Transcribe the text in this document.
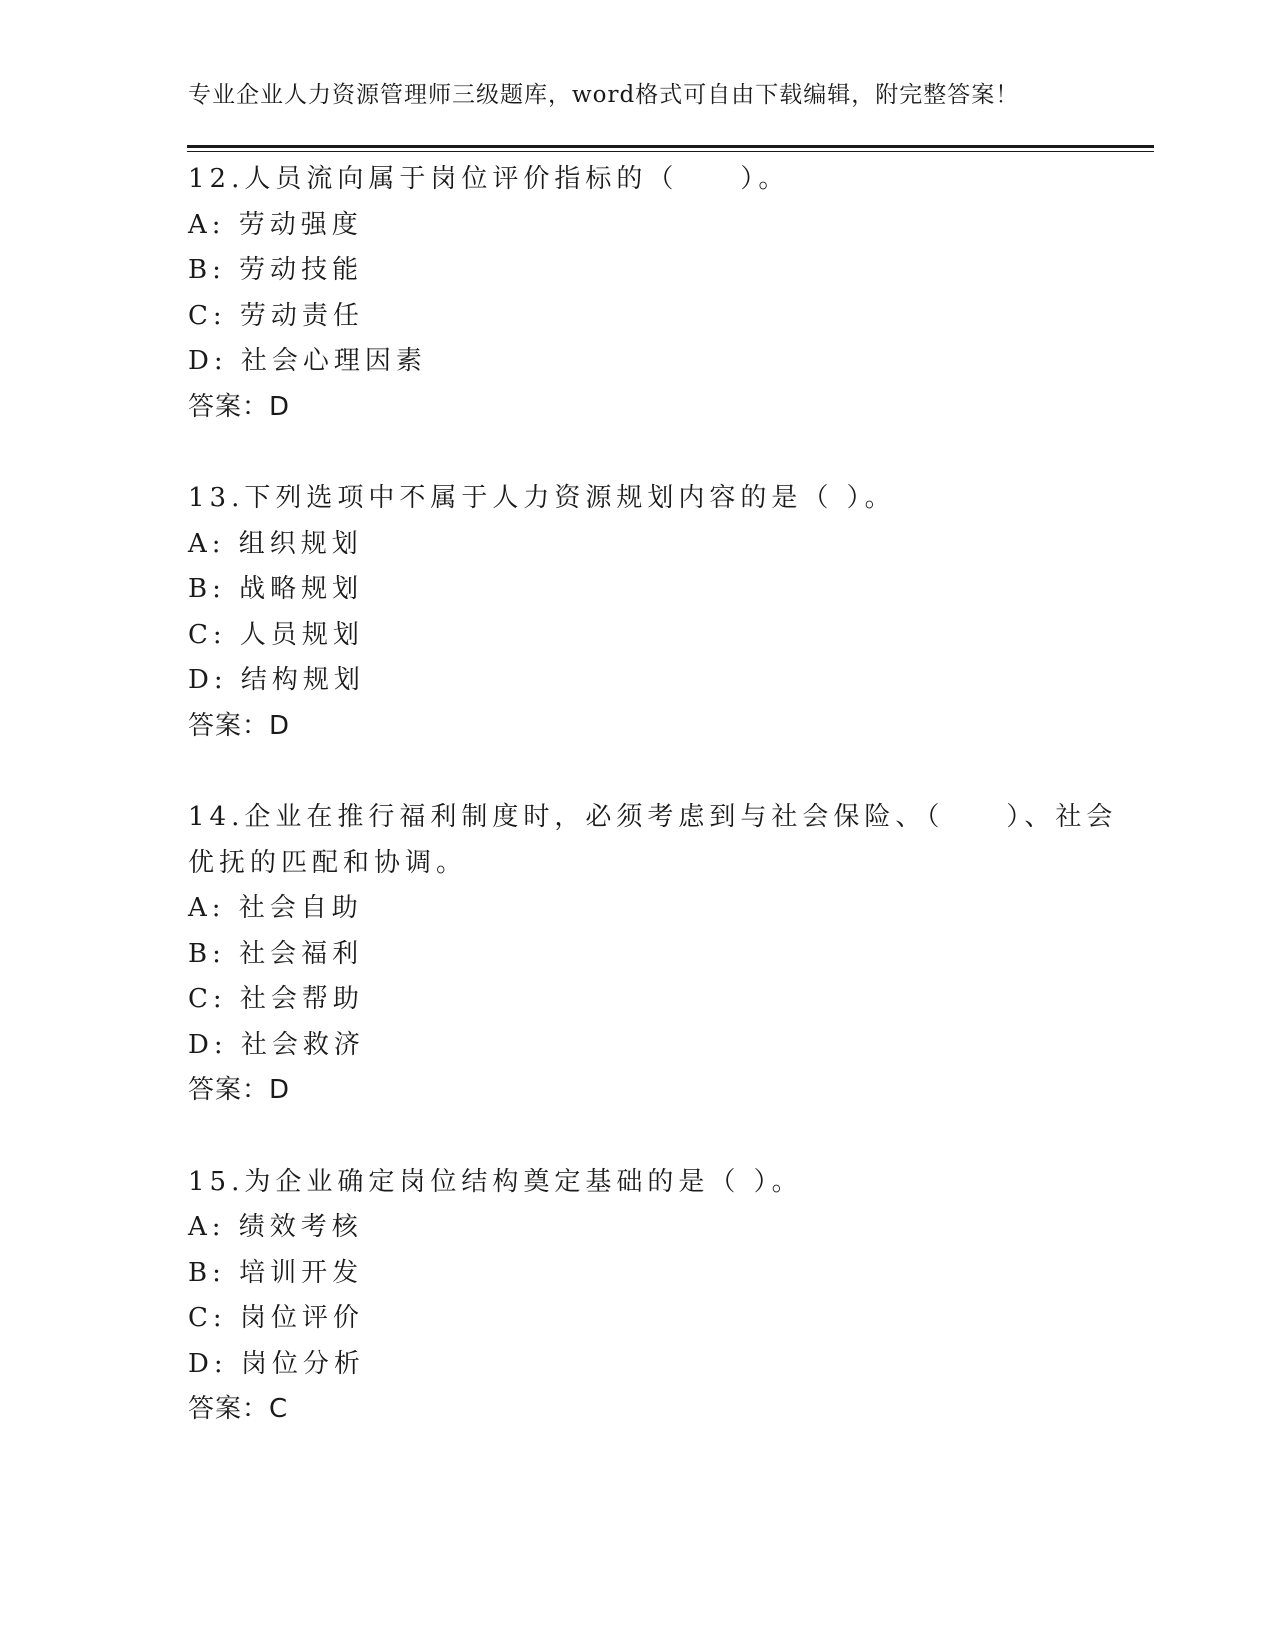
专业企业人力资源管理师三级题库，word格式可自由下载编辑，附完整答案！
12.人员流向属于岗位评价指标的（　　）。
A: 劳动强度
B: 劳动技能
C: 劳动责任
D: 社会心理因素
答案：D
13.下列选项中不属于人力资源规划内容的是（ ）。
A: 组织规划
B: 战略规划
C: 人员规划
D: 结构规划
答案：D
14.企业在推行福利制度时，必须考虑到与社会保险、（　　）、社会
优抚的匹配和协调。
A: 社会自助
B: 社会福利
C: 社会帮助
D: 社会救济
答案：D
15.为企业确定岗位结构奠定基础的是（ ）。
A: 绩效考核
B: 培训开发
C: 岗位评价
D: 岗位分析
答案：C
